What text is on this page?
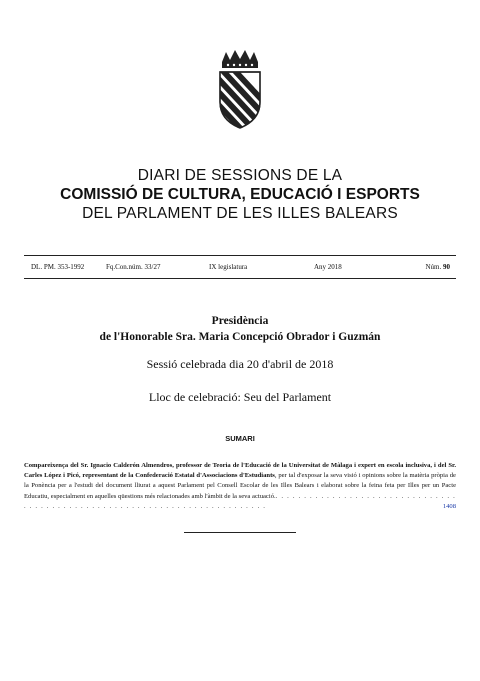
DIARI DE SESSIONS DE LA
COMISSIÓ DE CULTURA, EDUCACIÓ I ESPORTS
DEL PARLAMENT DE LES ILLES BALEARS
DL. PM. 353-1992	Fq.Con.núm. 33/27	IX legislatura	Any 2018	Núm. 90
Presidència
de l'Honorable Sra. Maria Concepció Obrador i Guzmán
Sessió celebrada dia 20 d'abril de 2018
Lloc de celebració: Seu del Parlament
SUMARI
Compareixença del Sr. Ignacio Calderón Almendros, professor de Teoria de l'Educació de la Universitat de Màlaga i expert en escola inclusiva, i del Sr. Carles López i Picó, representant de la Confederació Estatal d'Associacions d'Estudiants, per tal d'exposar la seva visió i opinions sobre la matèria pròpia de la Ponència per a l'estudi del document lliurat a aquest Parlament pel Consell Escolar de les Illes Balears i elaborat sobre la feina feta per Illes per un Pacte Educatiu, especialment en aquelles qüestions més relacionades amb l'àmbit de la seva actuació.. . . . . . . . . . . . . . . . . . . . . . . . . . . . . . . . . . . . . . . . . . . . . . . . . . . . . . . . . . . . . . . . . . . . . . . . . . .	1408
